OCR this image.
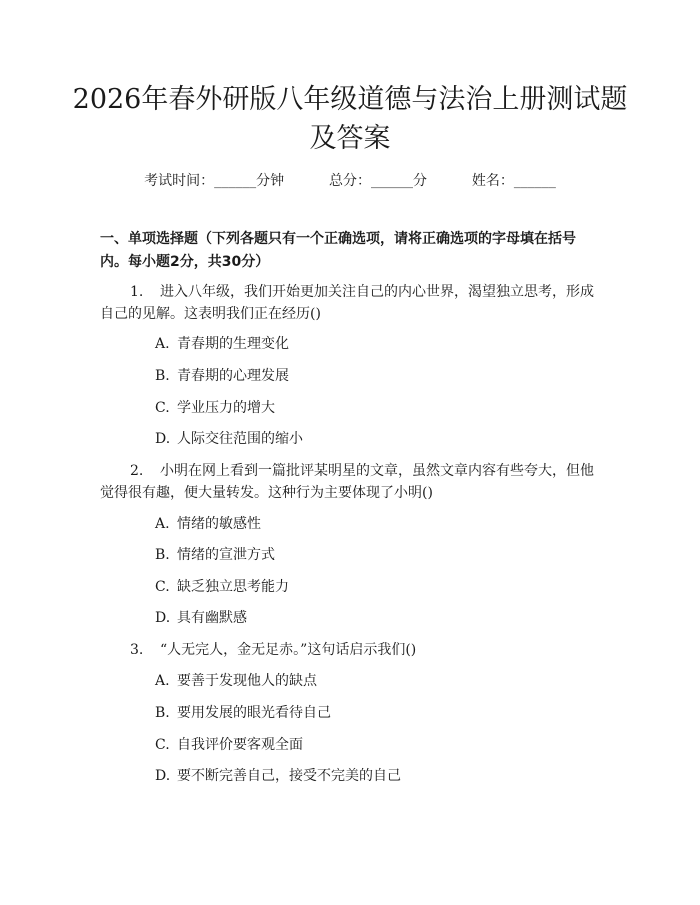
2026年春外研版八年级道德与法治上册测试题及答案
考试时间：______分钟	总分：______分	姓名：______
一、单项选择题（下列各题只有一个正确选项，请将正确选项的字母填在括号内。每小题2分，共30分）
1. 进入八年级，我们开始更加关注自己的内心世界，渴望独立思考，形成自己的见解。这表明我们正在经历()
A. 青春期的生理变化
B. 青春期的心理发展
C. 学业压力的增大
D. 人际交往范围的缩小
2. 小明在网上看到一篇批评某明星的文章，虽然文章内容有些夸大，但他觉得很有趣，便大量转发。这种行为主要体现了小明()
A. 情绪的敏感性
B. 情绪的宣泄方式
C. 缺乏独立思考能力
D. 具有幽默感
3. “人无完人，金无足赤。”这句话启示我们()
A. 要善于发现他人的缺点
B. 要用发展的眼光看待自己
C. 自我评价要客观全面
D. 要不断完善自己，接受不完美的自己
